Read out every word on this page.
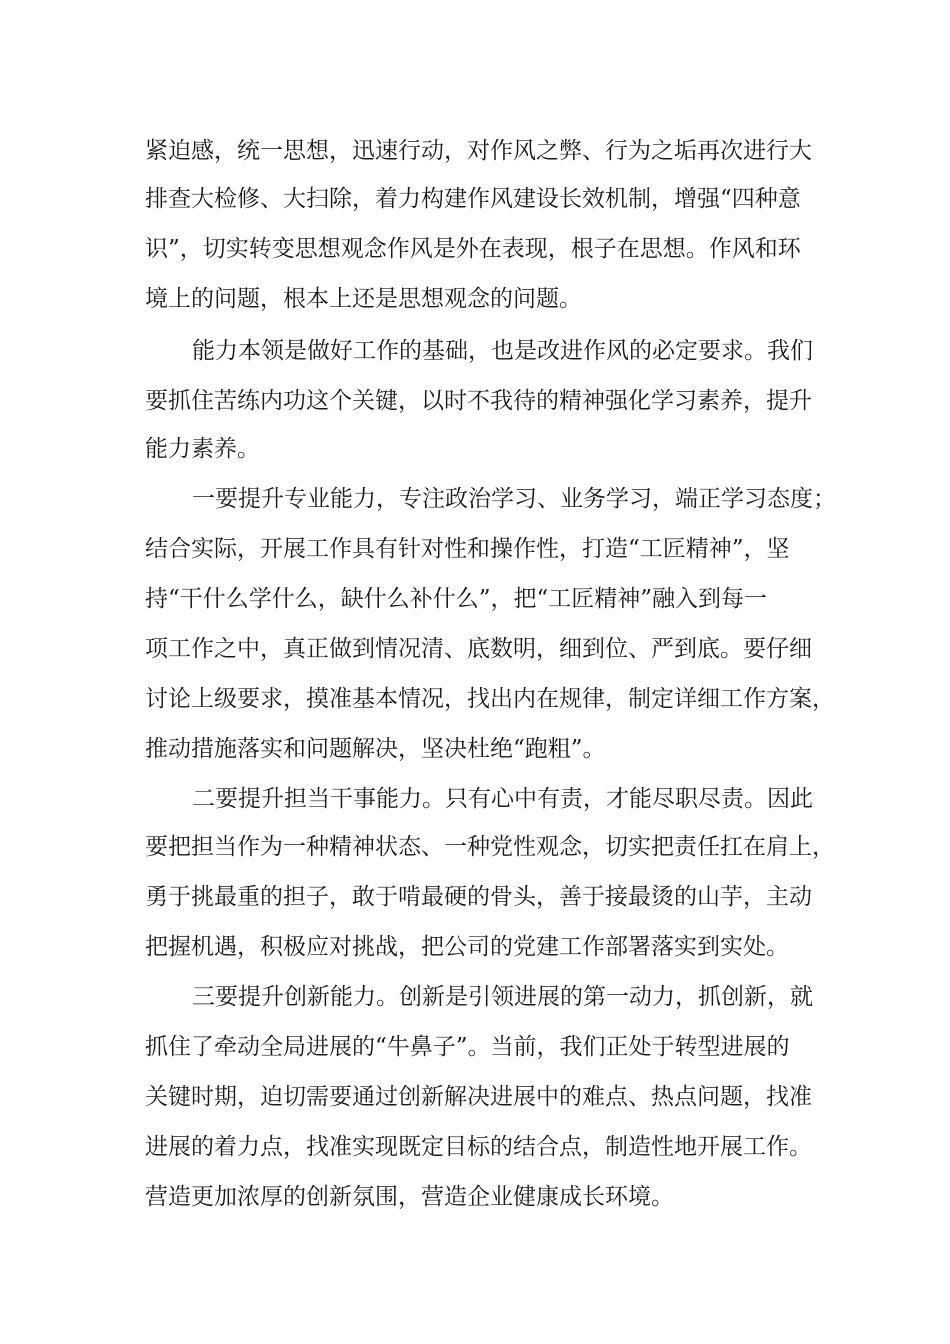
紧迫感，统一思想，迅速行动，对作风之弊、行为之垢再次进行大
排查大检修、大扫除，着力构建作风建设长效机制，增强“四种意
识”，切实转变思想观念作风是外在表现，根子在思想。作风和环
境上的问题，根本上还是思想观念的问题。
能力本领是做好工作的基础，也是改进作风的必定要求。我们
要抓住苦练内功这个关键，以时不我待的精神强化学习素养，提升
能力素养。
一要提升专业能力，专注政治学习、业务学习，端正学习态度；
结合实际，开展工作具有针对性和操作性，打造“工匠精神”，坚
持“干什么学什么，缺什么补什么”，把“工匠精神”融入到每一
项工作之中，真正做到情况清、底数明，细到位、严到底。要仔细
讨论上级要求，摸准基本情况，找出内在规律，制定详细工作方案，
推动措施落实和问题解决，坚决杜绝“跑粗”。
二要提升担当干事能力。只有心中有责，才能尽职尽责。因此
要把担当作为一种精神状态、一种党性观念，切实把责任扛在肩上，
勇于挑最重的担子，敢于啃最硬的骨头，善于接最烫的山芋，主动
把握机遇，积极应对挑战，把公司的党建工作部署落实到实处。
三要提升创新能力。创新是引领进展的第一动力，抓创新，就
抓住了牵动全局进展的“牛鼻子”。当前，我们正处于转型进展的
关键时期，迫切需要通过创新解决进展中的难点、热点问题，找准
进展的着力点，找准实现既定目标的结合点，制造性地开展工作。
营造更加浓厚的创新氛围，营造企业健康成长环境。
